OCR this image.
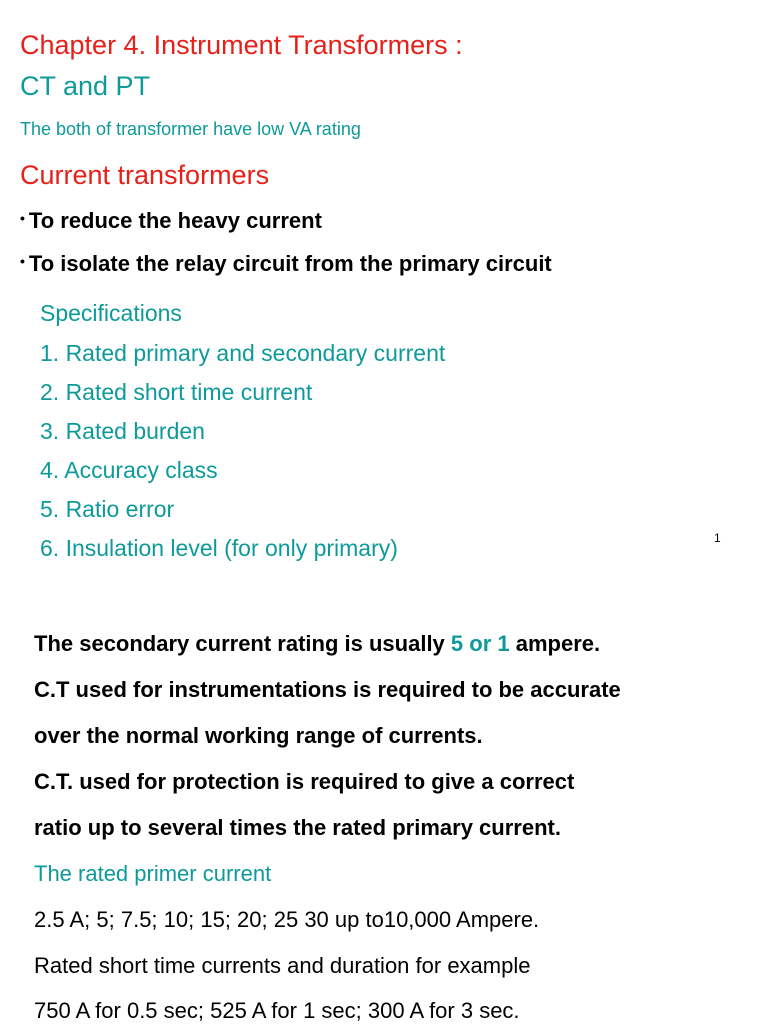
Chapter 4. Instrument Transformers :
CT and PT
The both of transformer have low VA rating
Current transformers
• To reduce the heavy current
• To isolate the relay circuit from the primary circuit
Specifications
1. Rated primary and secondary current
2. Rated short time current
3. Rated burden
4. Accuracy class
5. Ratio error
6. Insulation level (for only primary)	1
The secondary current rating is usually 5 or 1 ampere.
C.T used for instrumentations is required to be accurate
over the normal working range of currents.
C.T. used for protection is required to give a correct
ratio up to several times the rated primary current.
The rated primer current
2.5 A; 5; 7.5; 10; 15; 20; 25 30 up to10,000 Ampere.
Rated short time currents and duration for example
750 A for 0.5 sec; 525 A for 1 sec; 300 A for 3 sec.
